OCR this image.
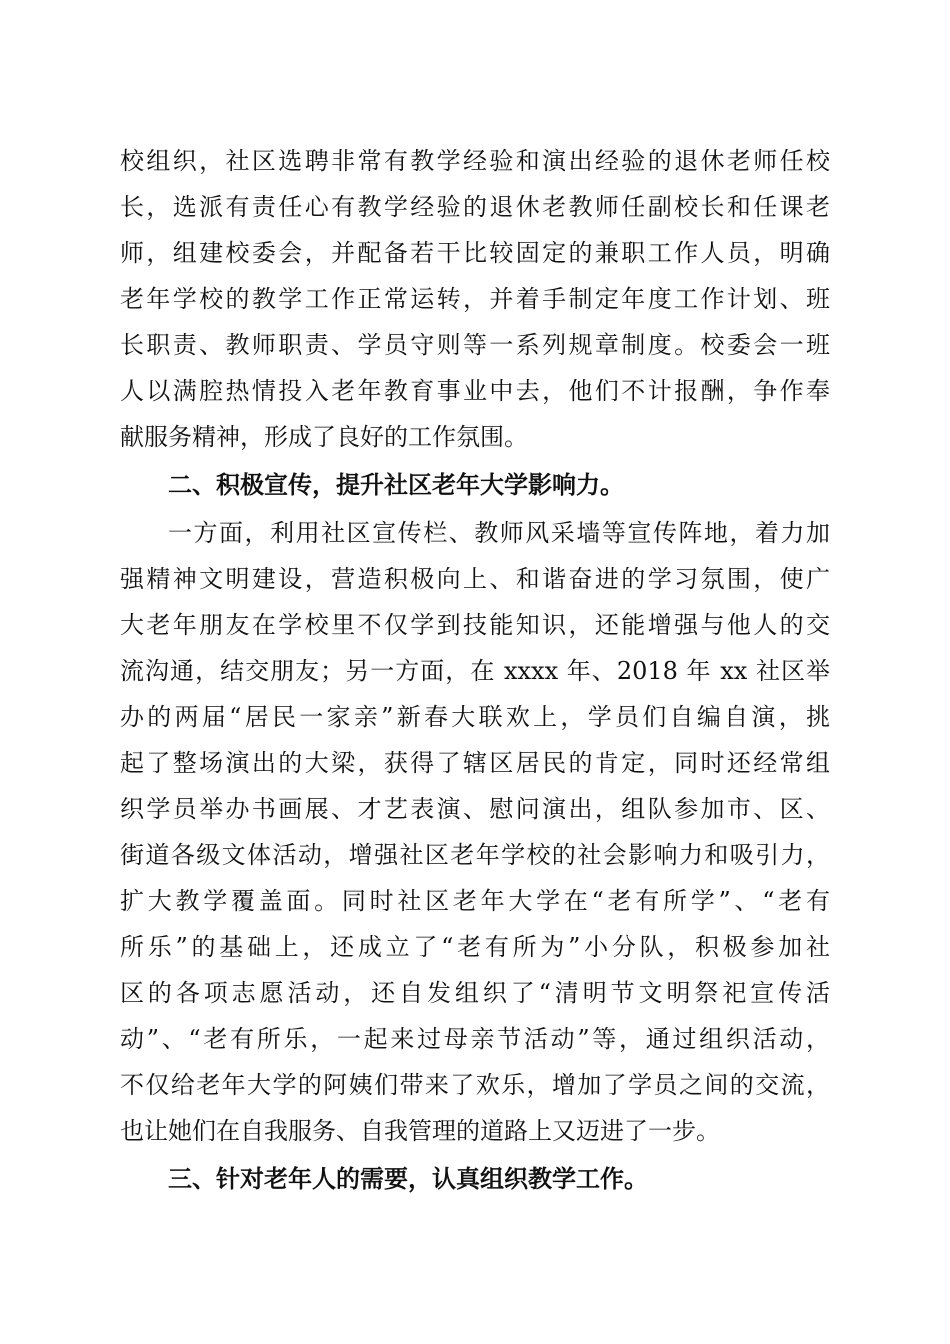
校组织，社区选聘非常有教学经验和演出经验的退休老师任校
长，选派有责任心有教学经验的退休老教师任副校长和任课老
师，组建校委会，并配备若干比较固定的兼职工作人员，明确
老年学校的教学工作正常运转，并着手制定年度工作计划、班
长职责、教师职责、学员守则等一系列规章制度。校委会一班
人以满腔热情投入老年教育事业中去，他们不计报酬，争作奉
献服务精神，形成了良好的工作氛围。
二、积极宣传，提升社区老年大学影响力。
一方面，利用社区宣传栏、教师风采墙等宣传阵地，着力加
强精神文明建设，营造积极向上、和谐奋进的学习氛围，使广
大老年朋友在学校里不仅学到技能知识，还能增强与他人的交
流沟通，结交朋友；另一方面，在 xxxx 年、2018 年 xx 社区举
办的两届“居民一家亲”新春大联欢上，学员们自编自演，挑
起了整场演出的大梁，获得了辖区居民的肯定，同时还经常组
织学员举办书画展、才艺表演、慰问演出，组队参加市、区、
街道各级文体活动，增强社区老年学校的社会影响力和吸引力，
扩大教学覆盖面。同时社区老年大学在“老有所学”、“老有
所乐”的基础上，还成立了“老有所为”小分队，积极参加社
区的各项志愿活动，还自发组织了“清明节文明祭祀宣传活
动”、“老有所乐，一起来过母亲节活动”等，通过组织活动，
不仅给老年大学的阿姨们带来了欢乐，增加了学员之间的交流，
也让她们在自我服务、自我管理的道路上又迈进了一步。
三、针对老年人的需要，认真组织教学工作。
